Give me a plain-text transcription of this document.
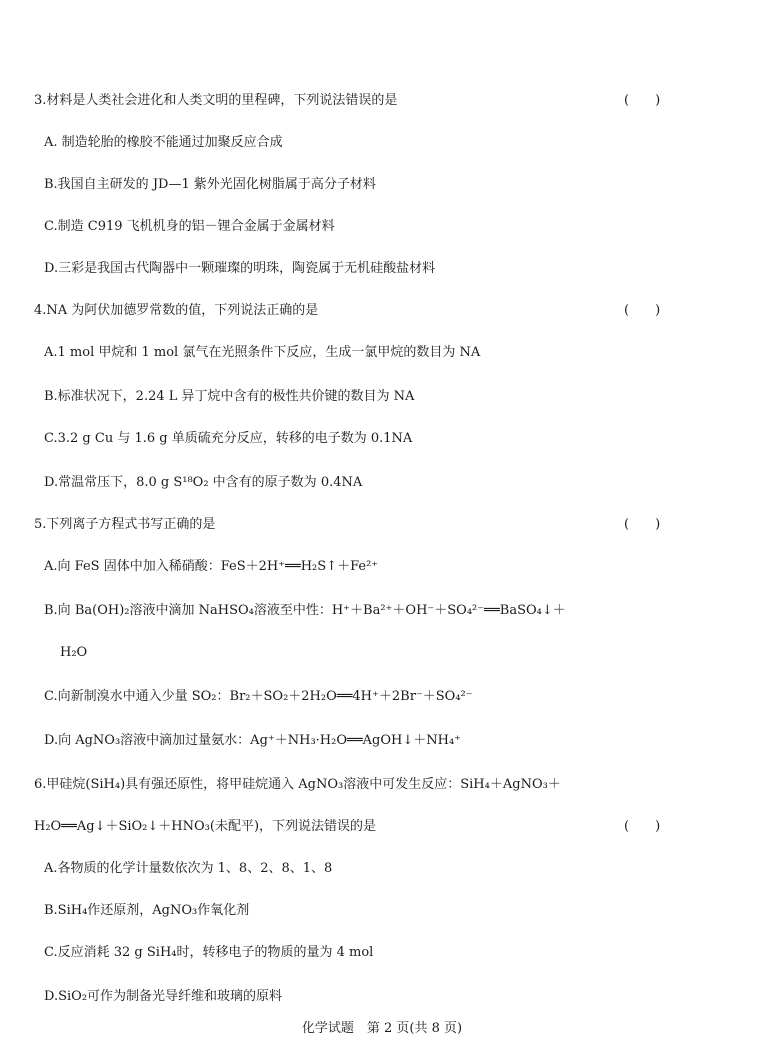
3.材料是人类社会进化和人类文明的里程碑，下列说法错误的是	(　　)
A. 制造轮胎的橡胶不能通过加聚反应合成
B.我国自主研发的 JD—1 紫外光固化树脂属于高分子材料
C.制造 C919 飞机机身的铝－锂合金属于金属材料
D.三彩是我国古代陶器中一颗璀璨的明珠，陶瓷属于无机硅酸盐材料
4.NA 为阿伏加德罗常数的值，下列说法正确的是	(　　)
A.1 mol 甲烷和 1 mol 氯气在光照条件下反应，生成一氯甲烷的数目为 NA
B.标准状况下，2.24 L 异丁烷中含有的极性共价键的数目为 NA
C.3.2 g Cu 与 1.6 g 单质硫充分反应，转移的电子数为 0.1NA
D.常温常压下，8.0 g S¹⁸O₂ 中含有的原子数为 0.4NA
5.下列离子方程式书写正确的是	(　　)
A.向 FeS 固体中加入稀硝酸：FeS＋2H⁺══H₂S↑＋Fe²⁺
B.向 Ba(OH)₂溶液中滴加 NaHSO₄溶液至中性：H⁺＋Ba²⁺＋OH⁻＋SO₄²⁻══BaSO₄↓＋
H₂O
C.向新制溴水中通入少量 SO₂：Br₂＋SO₂＋2H₂O══4H⁺＋2Br⁻＋SO₄²⁻
D.向 AgNO₃溶液中滴加过量氨水：Ag⁺＋NH₃·H₂O══AgOH↓＋NH₄⁺
6.甲硅烷(SiH₄)具有强还原性，将甲硅烷通入 AgNO₃溶液中可发生反应：SiH₄＋AgNO₃＋
H₂O══Ag↓＋SiO₂↓＋HNO₃(未配平)，下列说法错误的是	(　　)
A.各物质的化学计量数依次为 1、8、2、8、1、8
B.SiH₄作还原剂，AgNO₃作氧化剂
C.反应消耗 32 g SiH₄时，转移电子的物质的量为 4 mol
D.SiO₂可作为制备光导纤维和玻璃的原料
化学试题　第 2 页(共 8 页)
